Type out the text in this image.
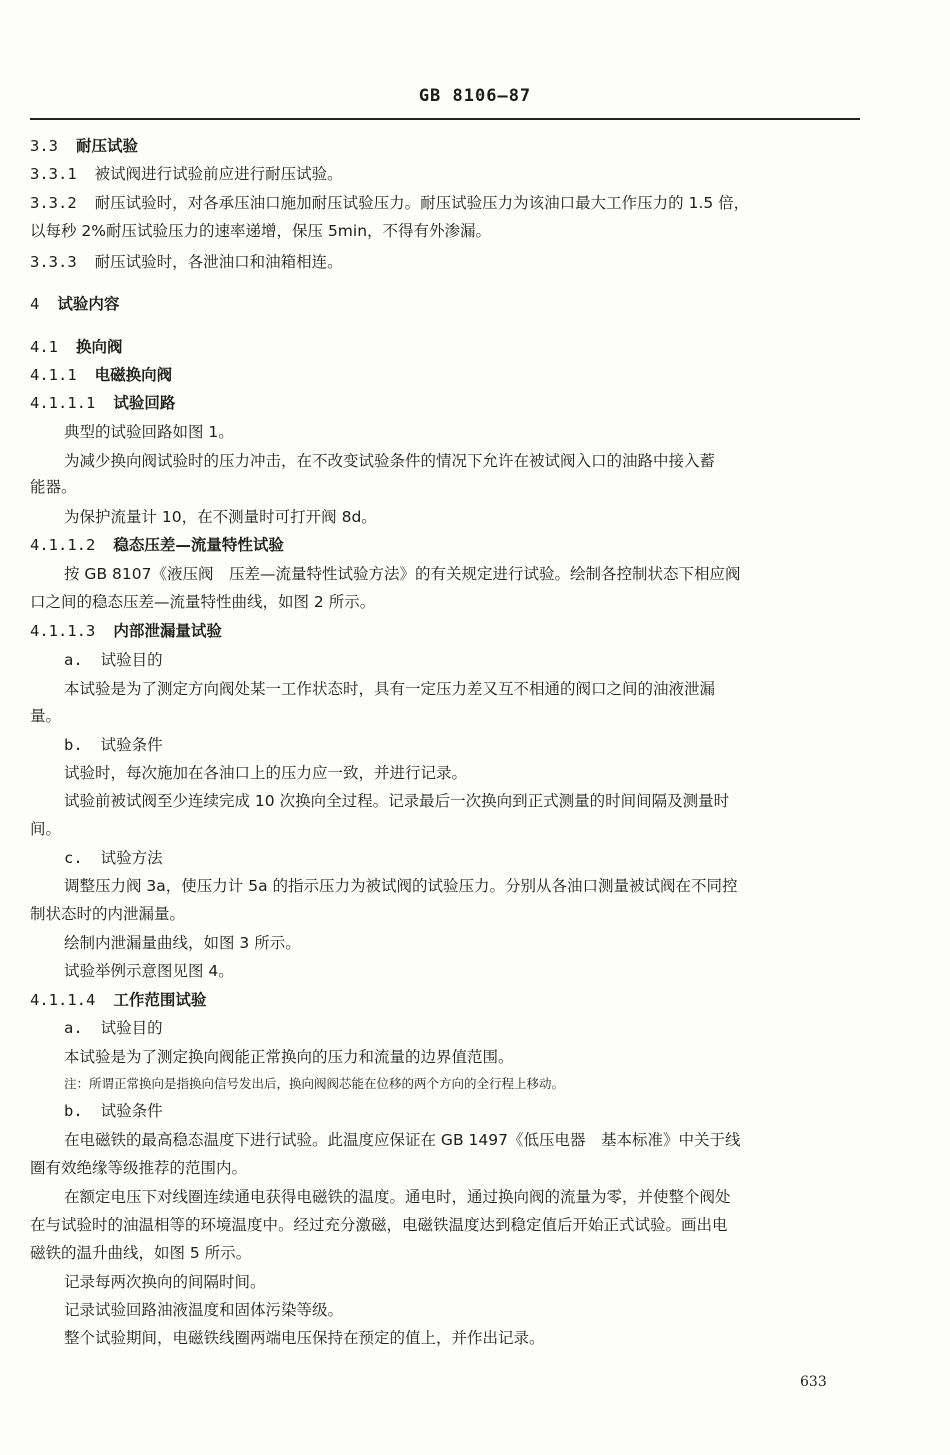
GB 8106—87
3.3 耐压试验
3.3.1 被试阀进行试验前应进行耐压试验。
3.3.2 耐压试验时，对各承压油口施加耐压试验压力。耐压试验压力为该油口最大工作压力的 1.5 倍，
以每秒 2%耐压试验压力的速率递增，保压 5min，不得有外渗漏。
3.3.3 耐压试验时，各泄油口和油箱相连。
4 试验内容
4.1 换向阀
4.1.1 电磁换向阀
4.1.1.1 试验回路
典型的试验回路如图 1。
为减少换向阀试验时的压力冲击，在不改变试验条件的情况下允许在被试阀入口的油路中接入蓄
能器。
为保护流量计 10，在不测量时可打开阀 8d。
4.1.1.2 稳态压差—流量特性试验
按 GB 8107《液压阀　压差—流量特性试验方法》的有关规定进行试验。绘制各控制状态下相应阀
口之间的稳态压差—流量特性曲线，如图 2 所示。
4.1.1.3 内部泄漏量试验
a. 试验目的
本试验是为了测定方向阀处某一工作状态时，具有一定压力差又互不相通的阀口之间的油液泄漏
量。
b. 试验条件
试验时，每次施加在各油口上的压力应一致，并进行记录。
试验前被试阀至少连续完成 10 次换向全过程。记录最后一次换向到正式测量的时间间隔及测量时
间。
c. 试验方法
调整压力阀 3a，使压力计 5a 的指示压力为被试阀的试验压力。分别从各油口测量被试阀在不同控
制状态时的内泄漏量。
绘制内泄漏量曲线，如图 3 所示。
试验举例示意图见图 4。
4.1.1.4 工作范围试验
a. 试验目的
本试验是为了测定换向阀能正常换向的压力和流量的边界值范围。
注：所谓正常换向是指换向信号发出后，换向阀阀芯能在位移的两个方向的全行程上移动。
b. 试验条件
在电磁铁的最高稳态温度下进行试验。此温度应保证在 GB 1497《低压电器　基本标准》中关于线
圈有效绝缘等级推荐的范围内。
在额定电压下对线圈连续通电获得电磁铁的温度。通电时，通过换向阀的流量为零，并使整个阀处
在与试验时的油温相等的环境温度中。经过充分激磁，电磁铁温度达到稳定值后开始正式试验。画出电
磁铁的温升曲线，如图 5 所示。
记录每两次换向的间隔时间。
记录试验回路油液温度和固体污染等级。
整个试验期间，电磁铁线圈两端电压保持在预定的值上，并作出记录。
633
